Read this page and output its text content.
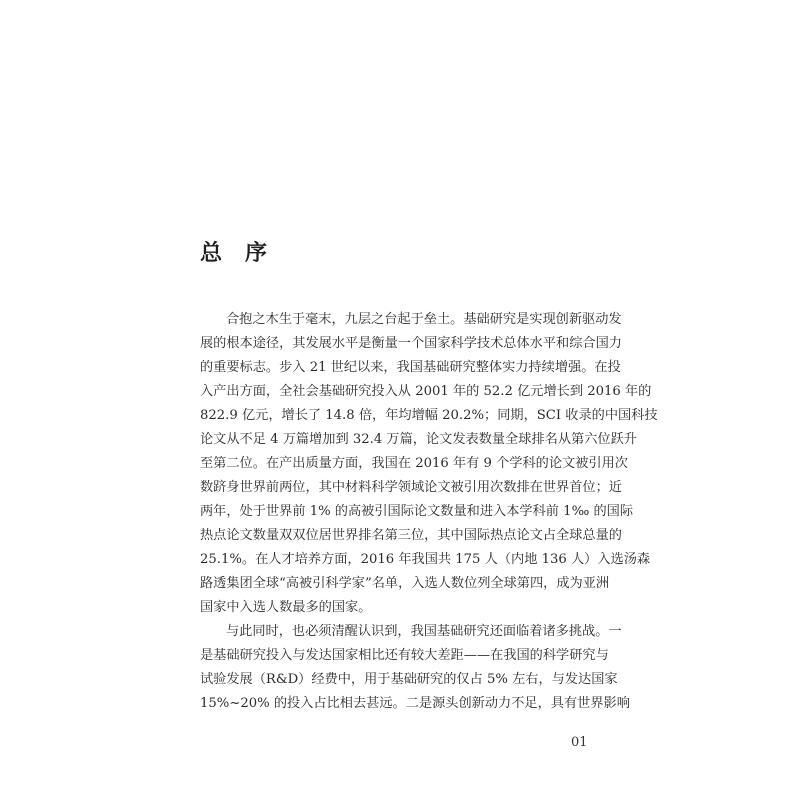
总　序
合抱之木生于毫末，九层之台起于垒土。基础研究是实现创新驱动发
展的根本途径，其发展水平是衡量一个国家科学技术总体水平和综合国力
的重要标志。步入 21 世纪以来，我国基础研究整体实力持续增强。在投
入产出方面，全社会基础研究投入从 2001 年的 52.2 亿元增长到 2016 年的
822.9 亿元，增长了 14.8 倍，年均增幅 20.2%；同期，SCI 收录的中国科技
论文从不足 4 万篇增加到 32.4 万篇，论文发表数量全球排名从第六位跃升
至第二位。在产出质量方面，我国在 2016 年有 9 个学科的论文被引用次
数跻身世界前两位，其中材料科学领域论文被引用次数排在世界首位；近
两年，处于世界前 1% 的高被引国际论文数量和进入本学科前 1‰ 的国际
热点论文数量双双位居世界排名第三位，其中国际热点论文占全球总量的
25.1%。在人才培养方面，2016 年我国共 175 人（内地 136 人）入选汤森
路透集团全球“高被引科学家”名单，入选人数位列全球第四，成为亚洲
国家中入选人数最多的国家。
与此同时，也必须清醒认识到，我国基础研究还面临着诸多挑战。一
是基础研究投入与发达国家相比还有较大差距——在我国的科学研究与
试验发展（R&D）经费中，用于基础研究的仅占 5% 左右，与发达国家
15%~20% 的投入占比相去甚远。二是源头创新动力不足，具有世界影响
01
